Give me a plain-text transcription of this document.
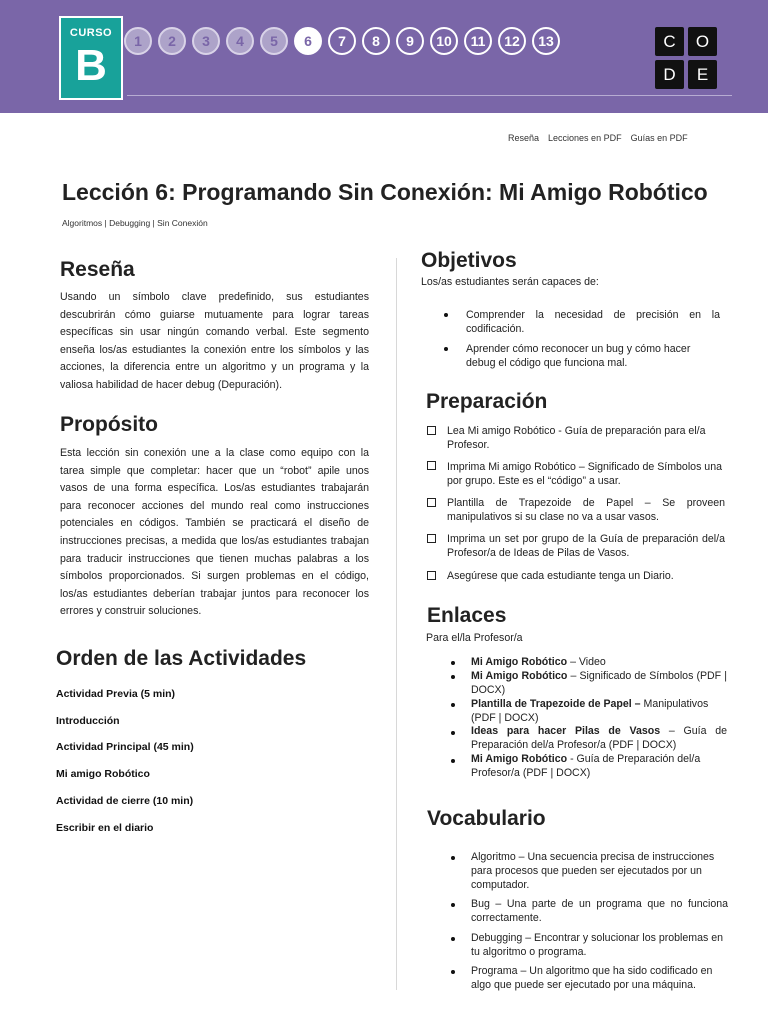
CURSO
B	1	2	3	4	5	6	7	8	9	10	11	12	13	C	O
D	E
Reseña Lecciones en PDF Guías en PDF
Lección 6: Programando Sin Conexión: Mi Amigo Robótico
Algoritmos | Debugging | Sin Conexión
Reseña

Usando un símbolo clave predefinido, sus estudiantes descubrirán cómo guiarse mutuamente para lograr tareas específicas sin usar ningún comando verbal. Este segmento enseña los/as estudiantes la conexión entre los símbolos y las acciones, la diferencia entre un algoritmo y un programa y la valiosa habilidad de hacer debug (Depuración).

Propósito

Esta lección sin conexión une a la clase como equipo con la tarea simple que completar: hacer que un “robot” apile unos vasos de una forma específica. Los/as estudiantes trabajarán para reconocer acciones del mundo real como instrucciones potenciales en códigos. También se practicará el diseño de instrucciones precisas, a medida que los/as estudiantes trabajan para traducir instrucciones que tienen muchas palabras a los símbolos proporcionados. Si surgen problemas en el código, los/as estudiantes deberían trabajar juntos para reconocer los errores y construir soluciones.

Orden de las Actividades
Actividad Previa (5 min)
Introducción
Actividad Principal (45 min)
Mi amigo Robótico
Actividad de cierre (10 min)
Escribir en el diario
Objetivos
Los/as estudiantes serán capaces de:
Comprender la necesidad de precisión en la codificación.
Aprender cómo reconocer un bug y cómo hacer debug el código que funciona mal.
Preparación
Lea Mi amigo Robótico - Guía de preparación para el/a Profesor.
Imprima Mi amigo Robótico – Significado de Símbolos una por grupo. Este es el “código” a usar.
Plantilla de Trapezoide de Papel – Se proveen manipulativos si su clase no va a usar vasos.
Imprima un set por grupo de la Guía de preparación del/a Profesor/a de Ideas de Pilas de Vasos.
Asegúrese que cada estudiante tenga un Diario.
Enlaces
Para el/la Profesor/a
Mi Amigo Robótico – Video
Mi Amigo Robótico – Significado de Símbolos (PDF | DOCX)
Plantilla de Trapezoide de Papel – Manipulativos (PDF | DOCX)
Ideas para hacer Pilas de Vasos – Guía de Preparación del/a Profesor/a (PDF | DOCX)
Mi Amigo Robótico - Guía de Preparación del/a Profesor/a (PDF | DOCX)
Vocabulario
Algoritmo – Una secuencia precisa de instrucciones para procesos que pueden ser ejecutados por un computador.
Bug – Una parte de un programa que no funciona correctamente.
Debugging – Encontrar y solucionar los problemas en tu algoritmo o programa.
Programa – Un algoritmo que ha sido codificado en algo que puede ser ejecutado por una máquina.
